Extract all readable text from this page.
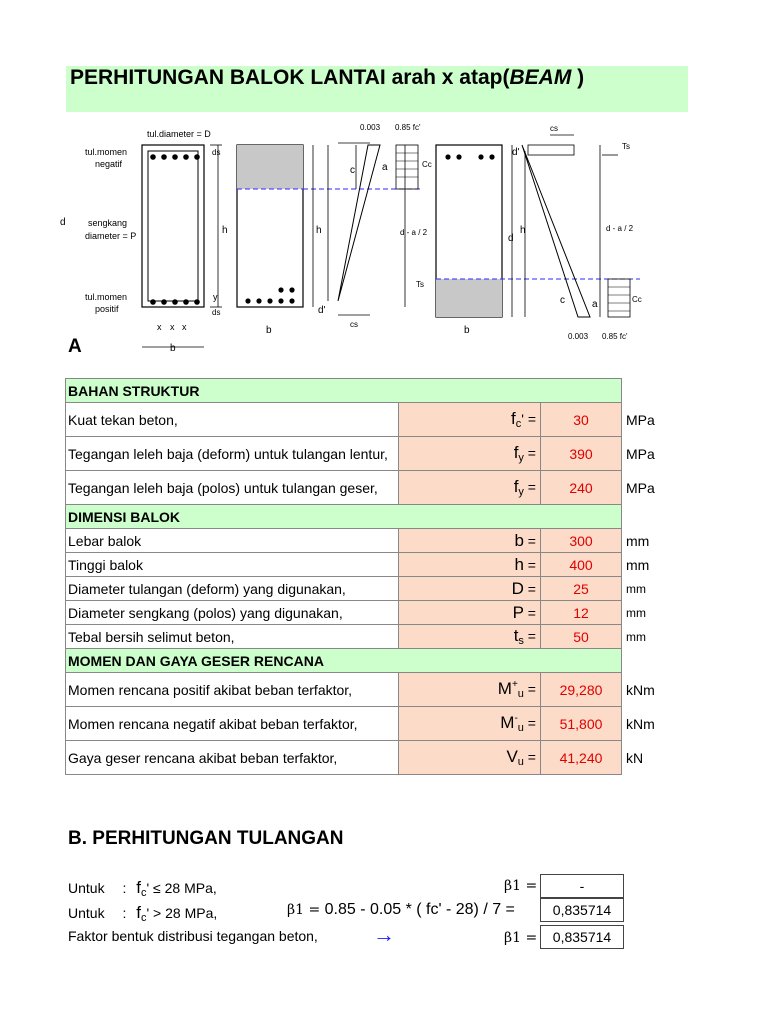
PERHITUNGAN BALOK LANTAI arah x atap(BEAM )
tul.diameter = D
tul.momen
negatif
sengkang
diameter = P
tul.momen
positif
h
ds
y
ds
x x x
b
h
d
d'
c	a
0.003 0.85 fc'
Cc
Ts
d - a / 2
cs
b
h
d
d'
cs
Ts
d - a / 2
c	a	Cc
0.003 0.85 fc'
b
A
BAHAN STRUKTUR			
Kuat tekan beton,	$f_c'$ =	30	MPa
Tegangan leleh baja (deform) untuk tulangan lentur,	$f_y$ =	390	MPa
Tegangan leleh baja (polos) untuk tulangan geser,	$f_y$ =	240	MPa
DIMENSI BALOK			
Lebar balok	b =	300	mm
Tinggi balok	h =	400	mm
Diameter tulangan (deform) yang digunakan,	D =	25	mm
Diameter sengkang (polos) yang digunakan,	P =	12	mm
Tebal bersih selimut beton,	$t_s$ =	50	mm
MOMEN DAN GAYA GESER RENCANA			
Momen rencana positif akibat beban terfaktor,	$M^+_u$ =	29,280	kNm
Momen rencana negatif akibat beban terfaktor,	$M^-_u$ =	51,800	kNm
Gaya geser rencana akibat beban terfaktor,	$V_u$ =	41,240	kN
B. PERHITUNGAN TULANGAN
Untuk : $f_c' \le 28$ MPa,	β1 =	-
Untuk : $f_c' > 28$ MPa,	β1 = 0.85 - 0.05 * ( fc' - 28) / 7 =	0,835714
Faktor bentuk distribusi tegangan beton,	→	β1 =	0,835714
